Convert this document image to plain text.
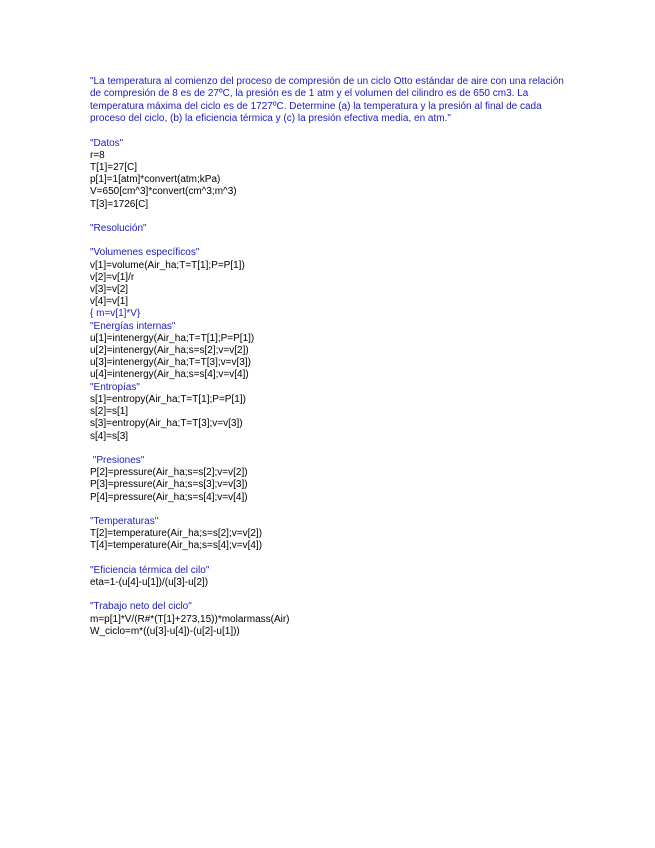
"La temperatura al comienzo del proceso de compresión de un ciclo Otto estándar de aire con una relación de compresión de 8 es de 27ºC, la presión es de 1 atm y el volumen del cilindro es de 650 cm3. La temperatura máxima del ciclo es de 1727ºC. Determine (a) la temperatura y la presión al final de cada proceso del ciclo, (b) la eficiencia térmica y (c) la presión efectiva media, en atm."
"Datos"
r=8
T[1]=27[C]
p[1]=1[atm]*convert(atm;kPa)
V=650[cm^3]*convert(cm^3;m^3)
T[3]=1726[C]

"Resolución"

"Volumenes específicos"
v[1]=volume(Air_ha;T=T[1];P=P[1])
v[2]=v[1]/r
v[3]=v[2]
v[4]=v[1]
{ m=v[1]*V}
"Energías internas"
u[1]=intenergy(Air_ha;T=T[1];P=P[1])
u[2]=intenergy(Air_ha;s=s[2];v=v[2])
u[3]=intenergy(Air_ha;T=T[3];v=v[3])
u[4]=intenergy(Air_ha;s=s[4];v=v[4])
"Entropías"
s[1]=entropy(Air_ha;T=T[1];P=P[1])
s[2]=s[1]
s[3]=entropy(Air_ha;T=T[3];v=v[3])
s[4]=s[3]

"Presiones"
P[2]=pressure(Air_ha;s=s[2];v=v[2])
P[3]=pressure(Air_ha;s=s[3];v=v[3])
P[4]=pressure(Air_ha;s=s[4];v=v[4])

"Temperaturas"
T[2]=temperature(Air_ha;s=s[2];v=v[2])
T[4]=temperature(Air_ha;s=s[4];v=v[4])

"Eficiencia térmica del cilo"
eta=1-(u[4]-u[1])/(u[3]-u[2])

"Trabajo neto del ciclo"
m=p[1]*V/(R#*(T[1]+273,15))*molarmass(Air)
W_ciclo=m*((u[3]-u[4])-(u[2]-u[1]))
